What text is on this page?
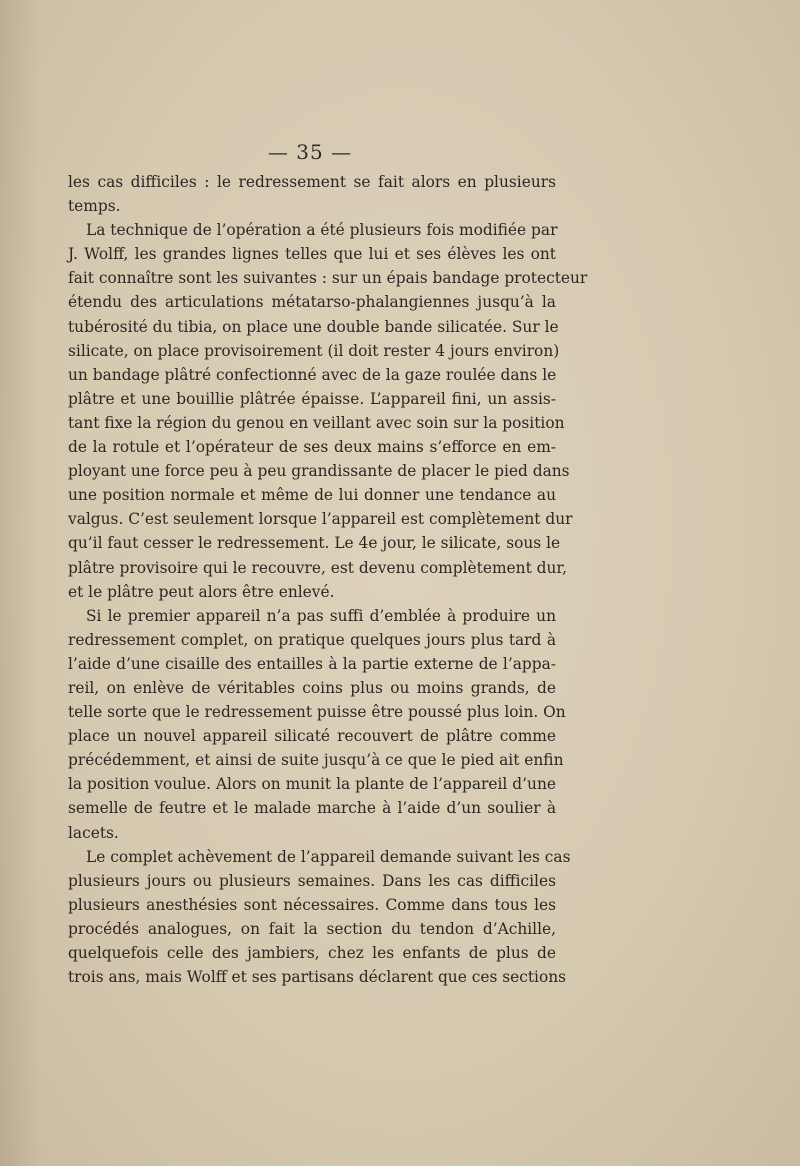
— 35 —
les cas difficiles : le redressement se fait alors en plusieurs
temps.
La technique de l’opération a été plusieurs fois modifiée par
J. Wolff, les grandes lignes telles que lui et ses élèves les ont
fait connaître sont les suivantes : sur un épais bandage protecteur
étendu des articulations métatarso-phalangiennes jusqu’à la
tubérosité du tibia, on place une double bande silicatée. Sur le
silicate, on place provisoirement (il doit rester 4 jours environ)
un bandage plâtré confectionné avec de la gaze roulée dans le
plâtre et une bouillie plâtrée épaisse. L’appareil fini, un assis-
tant fixe la région du genou en veillant avec soin sur la position
de la rotule et l’opérateur de ses deux mains s’efforce en em-
ployant une force peu à peu grandissante de placer le pied dans
une position normale et même de lui donner une tendance au
valgus. C’est seulement lorsque l’appareil est complètement dur
qu’il faut cesser le redressement. Le 4e jour, le silicate, sous le
plâtre provisoire qui le recouvre, est devenu complètement dur,
et le plâtre peut alors être enlevé.
Si le premier appareil n’a pas suffi d’emblée à produire un
redressement complet, on pratique quelques jours plus tard à
l’aide d’une cisaille des entailles à la partie externe de l’appa-
reil, on enlève de véritables coins plus ou moins grands, de
telle sorte que le redressement puisse être poussé plus loin. On
place un nouvel appareil silicaté recouvert de plâtre comme
précédemment, et ainsi de suite jusqu’à ce que le pied ait enfin
la position voulue. Alors on munit la plante de l’appareil d’une
semelle de feutre et le malade marche à l’aide d’un soulier à
lacets.
Le complet achèvement de l’appareil demande suivant les cas
plusieurs jours ou plusieurs semaines. Dans les cas difficiles
plusieurs anesthésies sont nécessaires. Comme dans tous les
procédés analogues, on fait la section du tendon d’Achille,
quelquefois celle des jambiers, chez les enfants de plus de
trois ans, mais Wolff et ses partisans déclarent que ces sections
